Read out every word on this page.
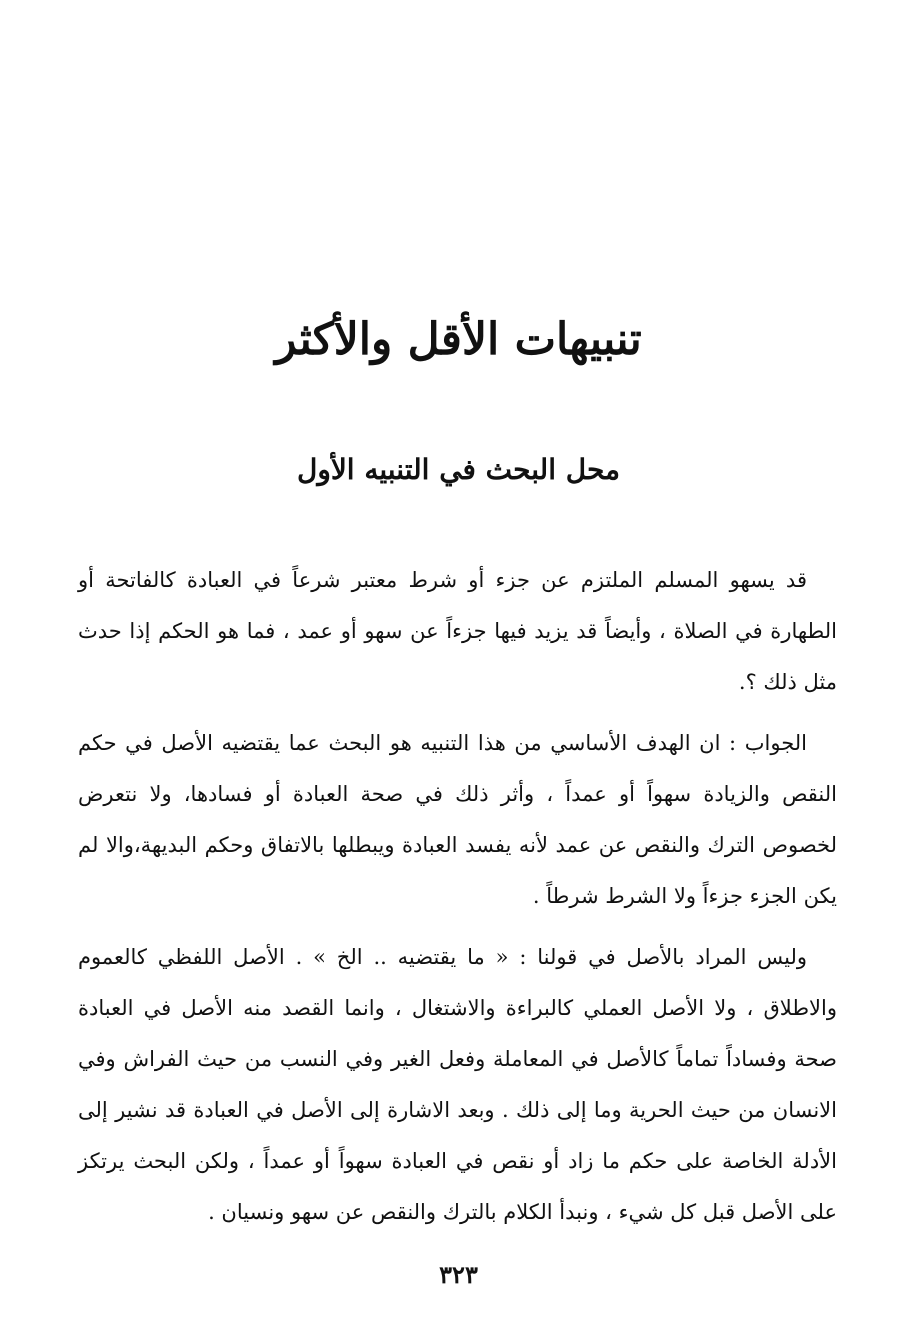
تنبيهات الأقل والأكثر
محل البحث في التنبيه الأول

قد يسهو المسلم الملتزم عن جزء أو شرط معتبر شرعاً في العبادة كالفاتحة أو الطهارة في الصلاة ، وأيضاً قد يزيد فيها جزءاً عن سهو أو عمد ، فما هو الحكم إذا حدث مثل ذلك ؟.

الجواب : ان الهدف الأساسي من هذا التنبيه هو البحث عما يقتضيه الأصل في حكم النقص والزيادة سهواً أو عمداً ، وأثر ذلك في صحة العبادة أو فسادها، ولا نتعرض لخصوص الترك والنقص عن عمد لأنه يفسد العبادة ويبطلها بالاتفاق وحكم البديهة،والا لم يكن الجزء جزءاً ولا الشرط شرطاً .

وليس المراد بالأصل في قولنا : « ما يقتضيه .. الخ » . الأصل اللفظي كالعموم والاطلاق ، ولا الأصل العملي كالبراءة والاشتغال ، وانما القصد منه الأصل في العبادة صحة وفساداً تماماً كالأصل في المعاملة وفعل الغير وفي النسب من حيث الفراش وفي الانسان من حيث الحرية وما إلى ذلك . وبعد الاشارة إلى الأصل في العبادة قد نشير إلى الأدلة الخاصة على حكم ما زاد أو نقص في العبادة سهواً أو عمداً ، ولكن البحث يرتكز على الأصل قبل كل شيء ، ونبدأ الكلام بالترك والنقص عن سهو ونسيان .

٣٢٣
